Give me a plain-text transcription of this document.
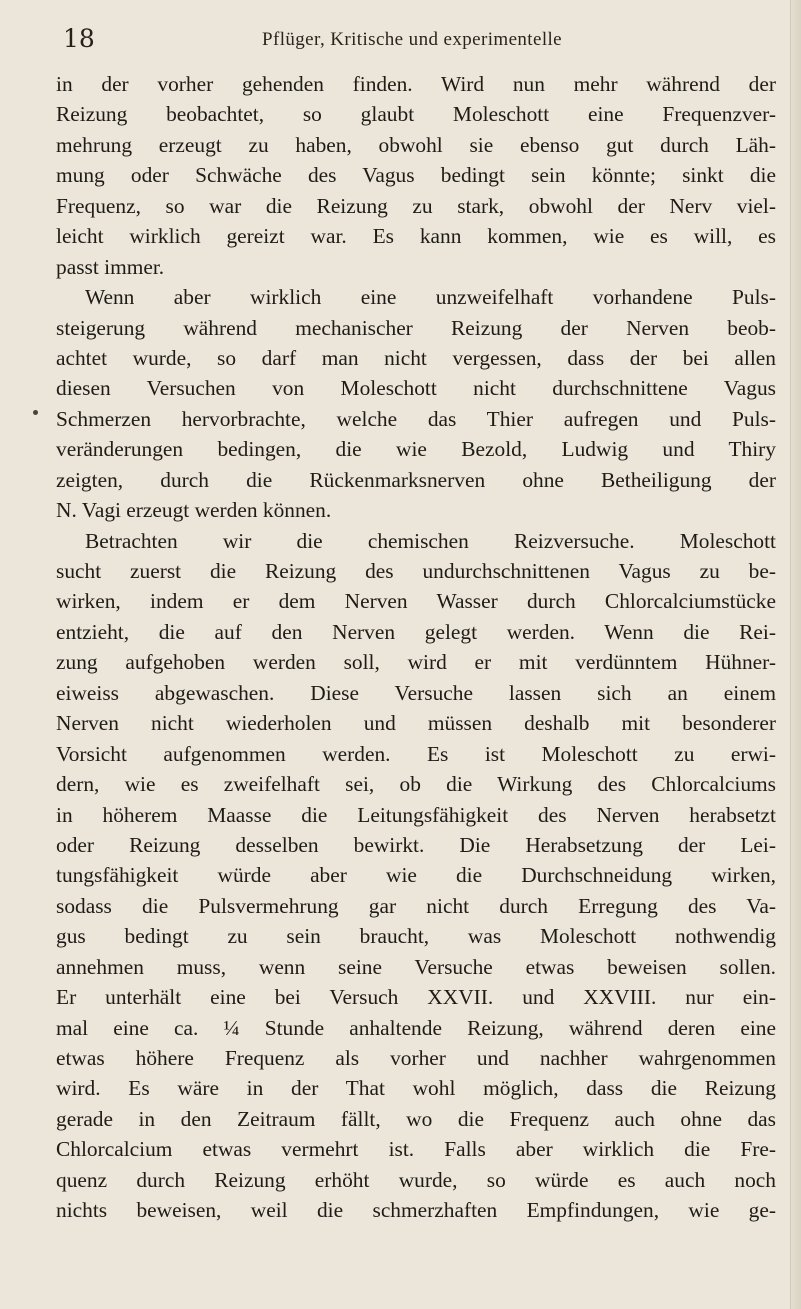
18	Pflüger, Kritische und experimentelle
in der vorher gehenden finden. Wird nun mehr während der
Reizung beobachtet, so glaubt Moleschott eine Frequenzver-
mehrung erzeugt zu haben, obwohl sie ebenso gut durch Läh-
mung oder Schwäche des Vagus bedingt sein könnte; sinkt die
Frequenz, so war die Reizung zu stark, obwohl der Nerv viel-
leicht wirklich gereizt war. Es kann kommen, wie es will, es
passt immer.
Wenn aber wirklich eine unzweifelhaft vorhandene Puls-
steigerung während mechanischer Reizung der Nerven beob-
achtet wurde, so darf man nicht vergessen, dass der bei allen
diesen Versuchen von Moleschott nicht durchschnittene Vagus
Schmerzen hervorbrachte, welche das Thier aufregen und Puls-
veränderungen bedingen, die wie Bezold, Ludwig und Thiry
zeigten, durch die Rückenmarksnerven ohne Betheiligung der
N. Vagi erzeugt werden können.
Betrachten wir die chemischen Reizversuche. Moleschott
sucht zuerst die Reizung des undurchschnittenen Vagus zu be-
wirken, indem er dem Nerven Wasser durch Chlorcalciumstücke
entzieht, die auf den Nerven gelegt werden. Wenn die Rei-
zung aufgehoben werden soll, wird er mit verdünntem Hühner-
eiweiss abgewaschen. Diese Versuche lassen sich an einem
Nerven nicht wiederholen und müssen deshalb mit besonderer
Vorsicht aufgenommen werden. Es ist Moleschott zu erwi-
dern, wie es zweifelhaft sei, ob die Wirkung des Chlorcalciums
in höherem Maasse die Leitungsfähigkeit des Nerven herabsetzt
oder Reizung desselben bewirkt. Die Herabsetzung der Lei-
tungsfähigkeit würde aber wie die Durchschneidung wirken,
sodass die Pulsvermehrung gar nicht durch Erregung des Va-
gus bedingt zu sein braucht, was Moleschott nothwendig
annehmen muss, wenn seine Versuche etwas beweisen sollen.
Er unterhält eine bei Versuch XXVII. und XXVIII. nur ein-
mal eine ca. ¼ Stunde anhaltende Reizung, während deren eine
etwas höhere Frequenz als vorher und nachher wahrgenommen
wird. Es wäre in der That wohl möglich, dass die Reizung
gerade in den Zeitraum fällt, wo die Frequenz auch ohne das
Chlorcalcium etwas vermehrt ist. Falls aber wirklich die Fre-
quenz durch Reizung erhöht wurde, so würde es auch noch
nichts beweisen, weil die schmerzhaften Empfindungen, wie ge-
